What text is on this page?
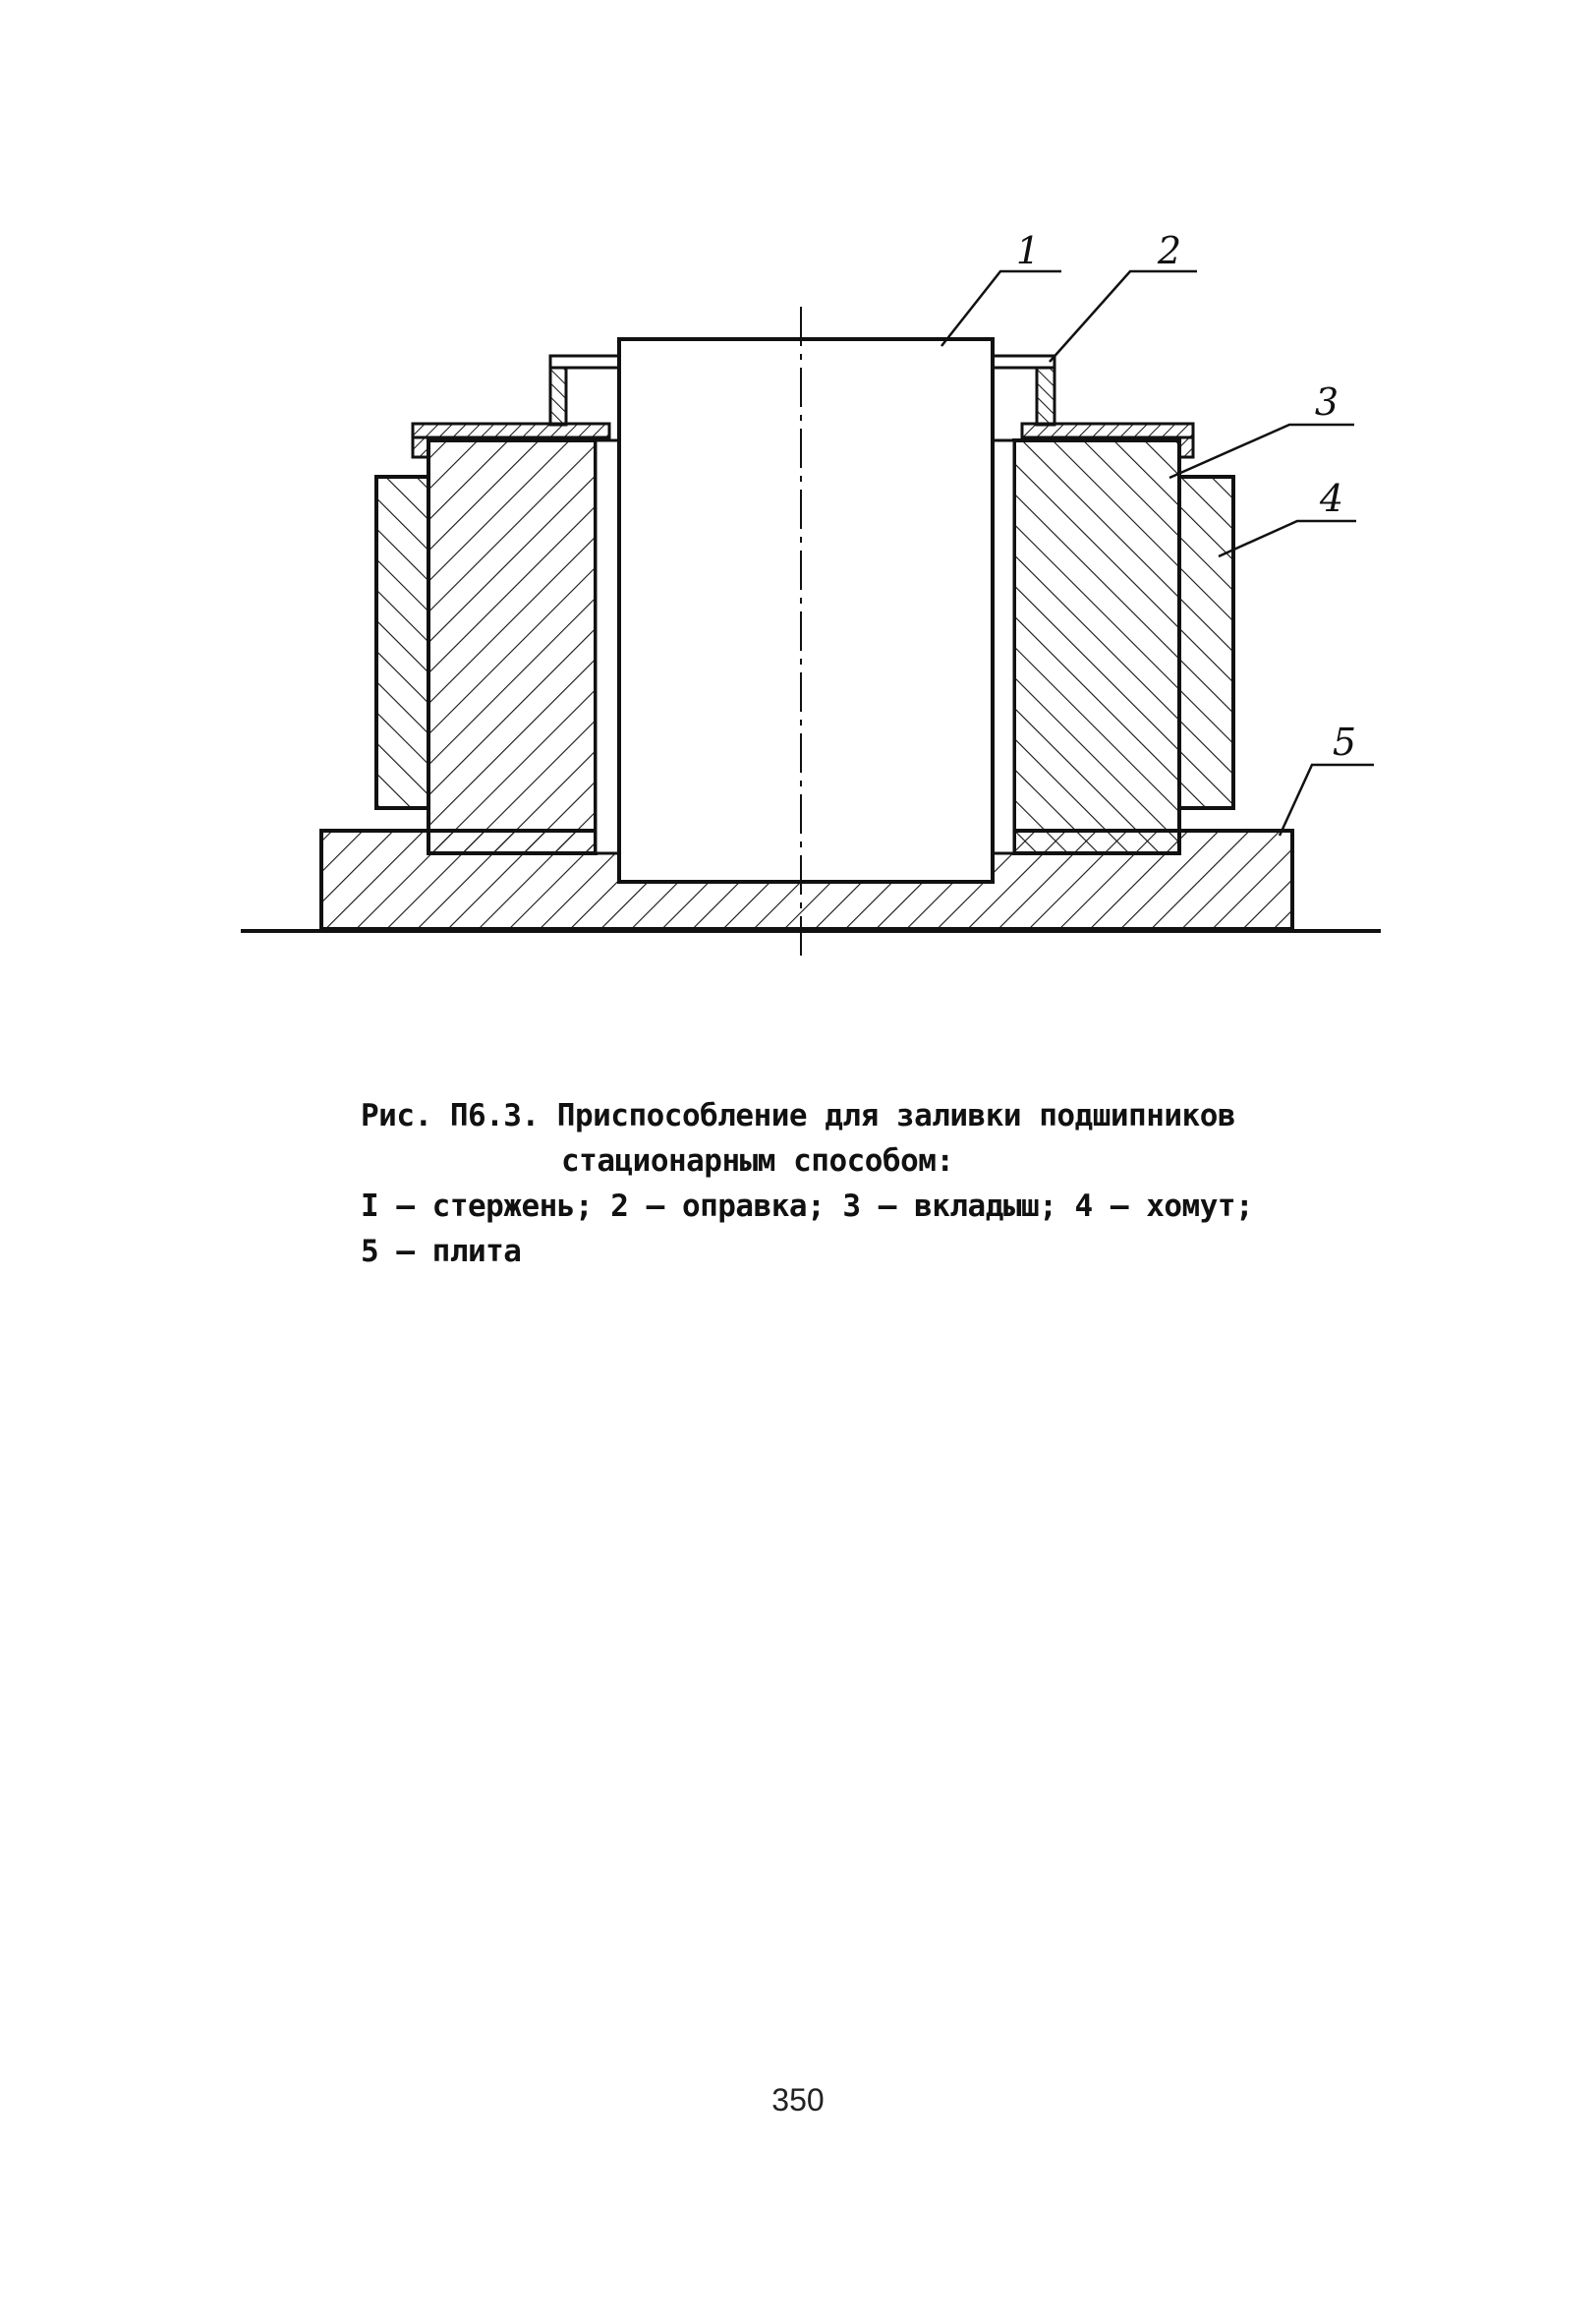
1	2
3
4
5
Рис. П6.3. Приспособление для заливки подшипников
стационарным способом:
I – стержень; 2 – оправка; 3 – вкладыш; 4 – хомут;
5 – плита
350
